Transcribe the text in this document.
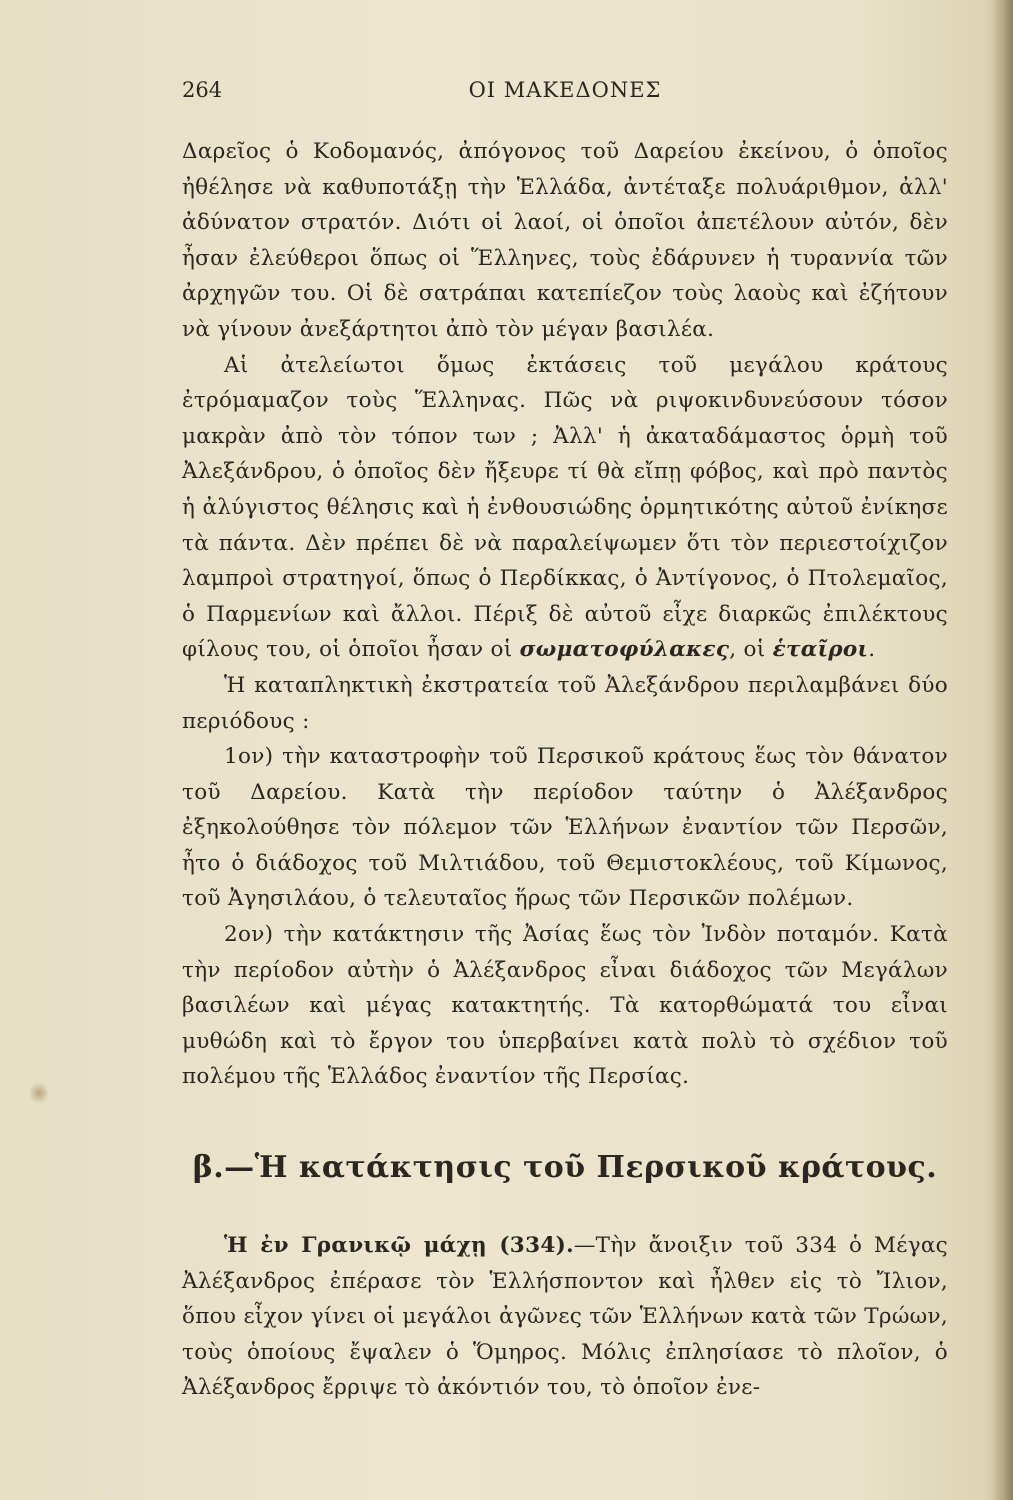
264	ΟΙ ΜΑΚΕΔΟΝΕΣ

Δαρεῖος ὁ Κοδομανός, ἀπόγονος τοῦ Δαρείου ἐκείνου, ὁ ὁποῖος ἠθέλησε νὰ καθυποτάξῃ τὴν Ἑλλάδα, ἀντέταξε πολυάριθμον, ἀλλ' ἀδύνατον στρατόν. Διότι οἱ λαοί, οἱ ὁποῖοι ἀπετέλουν αὐτόν, δὲν ἦσαν ἐλεύθεροι ὅπως οἱ Ἕλληνες, τοὺς ἐδάρυνεν ἡ τυραννία τῶν ἀρχηγῶν του. Οἱ δὲ σατράπαι κατεπίεζον τοὺς λαοὺς καὶ ἐζήτουν νὰ γίνουν ἀνεξάρτητοι ἀπὸ τὸν μέγαν βασιλέα.

Αἱ ἀτελείωτοι ὅμως ἐκτάσεις τοῦ μεγάλου κράτους ἐτρόμαμαζον τοὺς Ἕλληνας. Πῶς νὰ ριψοκινδυνεύσουν τόσον μακρὰν ἀπὸ τὸν τόπον των ; Ἀλλ' ἡ ἀκαταδάμαστος ὁρμὴ τοῦ Ἀλεξάνδρου, ὁ ὁποῖος δὲν ἤξευρε τί θὰ εἴπῃ φόβος, καὶ πρὸ παντὸς ἡ ἀλύγιστος θέλησις καὶ ἡ ἐνθουσιώδης ὁρμητικότης αὐτοῦ ἐνίκησε τὰ πάντα. Δὲν πρέπει δὲ νὰ παραλείψωμεν ὅτι τὸν περιεστοίχιζον λαμπροὶ στρατηγοί, ὅπως ὁ Περδίκκας, ὁ Ἀντίγονος, ὁ Πτολεμαῖος, ὁ Παρμενίων καὶ ἄλλοι. Πέριξ δὲ αὐτοῦ εἶχε διαρκῶς ἐπιλέκτους φίλους του, οἱ ὁποῖοι ἦσαν οἱ σωματοφύλακες, οἱ ἑταῖροι.

Ἡ καταπληκτικὴ ἐκστρατεία τοῦ Ἀλεξάνδρου περιλαμβάνει δύο περιόδους :

1ον) τὴν καταστροφὴν τοῦ Περσικοῦ κράτους ἕως τὸν θάνατον τοῦ Δαρείου. Κατὰ τὴν περίοδον ταύτην ὁ Ἀλέξανδρος ἐξηκολούθησε τὸν πόλεμον τῶν Ἑλλήνων ἐναντίον τῶν Περσῶν, ἦτο ὁ διάδοχος τοῦ Μιλτιάδου, τοῦ Θεμιστοκλέους, τοῦ Κίμωνος, τοῦ Ἀγησιλάου, ὁ τελευταῖος ἥρως τῶν Περσικῶν πολέμων.

2ον) τὴν κατάκτησιν τῆς Ἀσίας ἕως τὸν Ἰνδὸν ποταμόν. Κατὰ τὴν περίοδον αὐτὴν ὁ Ἀλέξανδρος εἶναι διάδοχος τῶν Μεγάλων βασιλέων καὶ μέγας κατακτητής. Τὰ κατορθώματά του εἶναι μυθώδη καὶ τὸ ἔργον του ὑπερβαίνει κατὰ πολὺ τὸ σχέδιον τοῦ πολέμου τῆς Ἑλλάδος ἐναντίον τῆς Περσίας.

β.—Ἡ κατάκτησις τοῦ Περσικοῦ κράτους.

Ἡ ἐν Γρανικῷ μάχῃ (334).—Τὴν ἄνοιξιν τοῦ 334 ὁ Μέγας Ἀλέξανδρος ἐπέρασε τὸν Ἑλλήσποντον καὶ ἦλθεν εἰς τὸ Ἴλιον, ὅπου εἶχον γίνει οἱ μεγάλοι ἀγῶνες τῶν Ἑλλήνων κατὰ τῶν Τρώων, τοὺς ὁποίους ἔψαλεν ὁ Ὅμηρος. Μόλις ἐπλησίασε τὸ πλοῖον, ὁ Ἀλέξανδρος ἔρριψε τὸ ἀκόντιόν του, τὸ ὁποῖον ἐνε-
